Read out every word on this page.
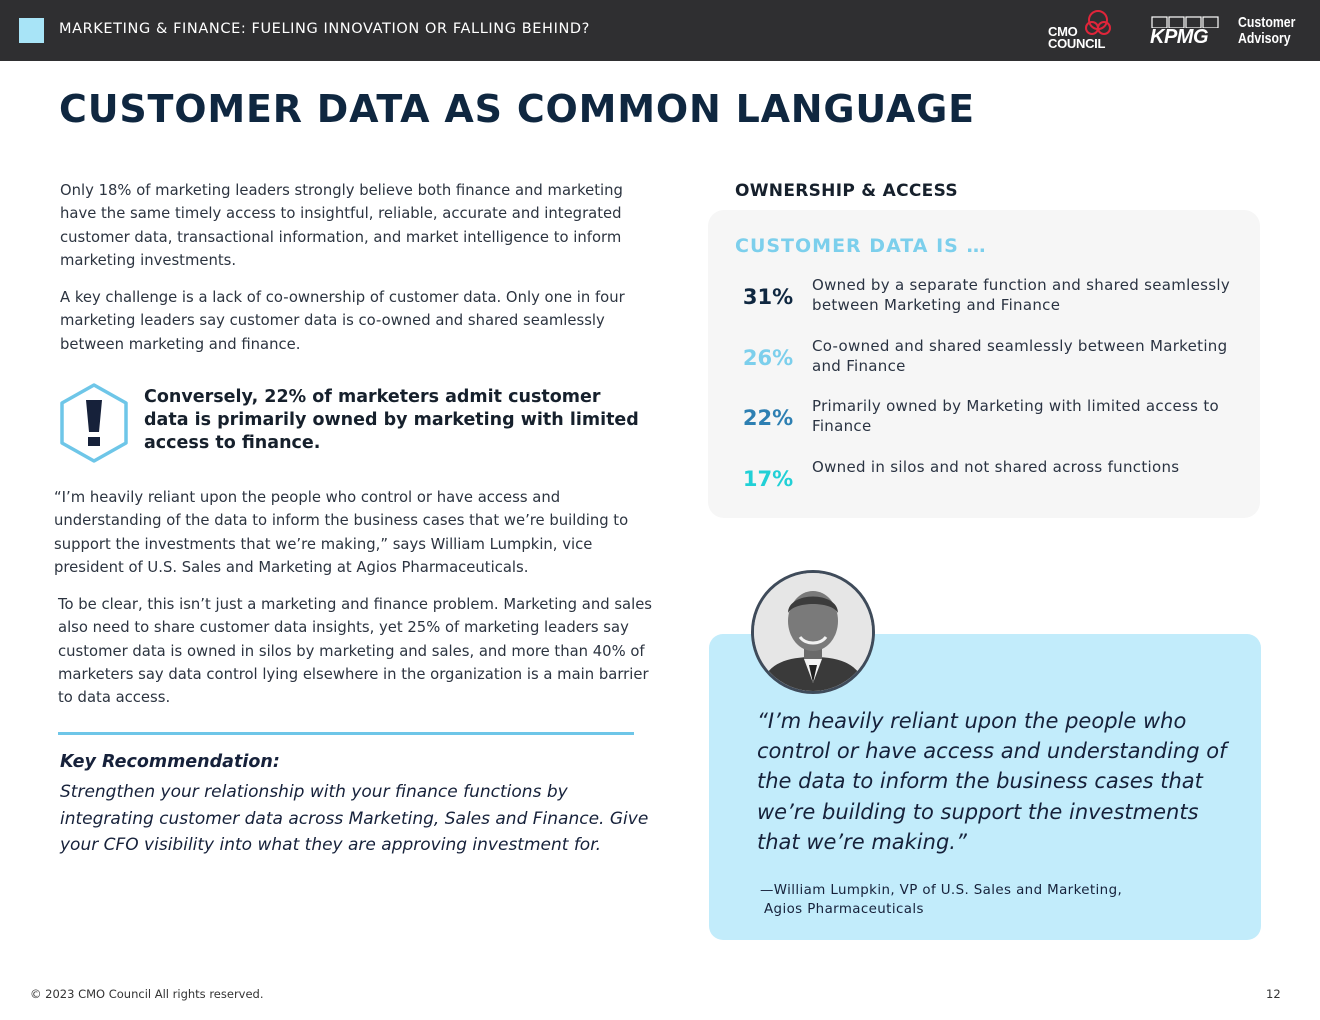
MARKETING & FINANCE: FUELING INNOVATION OR FALLING BEHIND?	CMO
COUNCIL KPMG
Customer
Advisory
CUSTOMER DATA AS COMMON LANGUAGE
Only 18% of marketing leaders strongly believe both finance and marketing have the same timely access to insightful, reliable, accurate and integrated customer data, transactional information, and market intelligence to inform marketing investments.
A key challenge is a lack of co-ownership of customer data. Only one in four marketing leaders say customer data is co-owned and shared seamlessly between marketing and finance.
Conversely, 22% of marketers admit customer data is primarily owned by marketing with limited access to finance.
“I’m heavily reliant upon the people who control or have access and understanding of the data to inform the business cases that we’re building to support the investments that we’re making,” says William Lumpkin, vice president of U.S. Sales and Marketing at Agios Pharmaceuticals.
To be clear, this isn’t just a marketing and finance problem. Marketing and sales also need to share customer data insights, yet 25% of marketing leaders say customer data is owned in silos by marketing and sales, and more than 40% of marketers say data control lying elsewhere in the organization is a main barrier to data access.
Key Recommendation:
Strengthen your relationship with your finance functions by integrating customer data across Marketing, Sales and Finance. Give your CFO visibility into what they are approving investment for.
OWNERSHIP & ACCESS
CUSTOMER DATA IS …
31%	Owned by a separate function and shared seamlessly between Marketing and Finance
26%	Co-owned and shared seamlessly between Marketing and Finance
22%	Primarily owned by Marketing with limited access to Finance
17%	Owned in silos and not shared across functions
“I’m heavily reliant upon the people who control or have access and understanding of the data to inform the business cases that we’re building to support the investments that we’re making.”
—William Lumpkin, VP of U.S. Sales and Marketing,
Agios Pharmaceuticals
© 2023 CMO Council All rights reserved.	12
